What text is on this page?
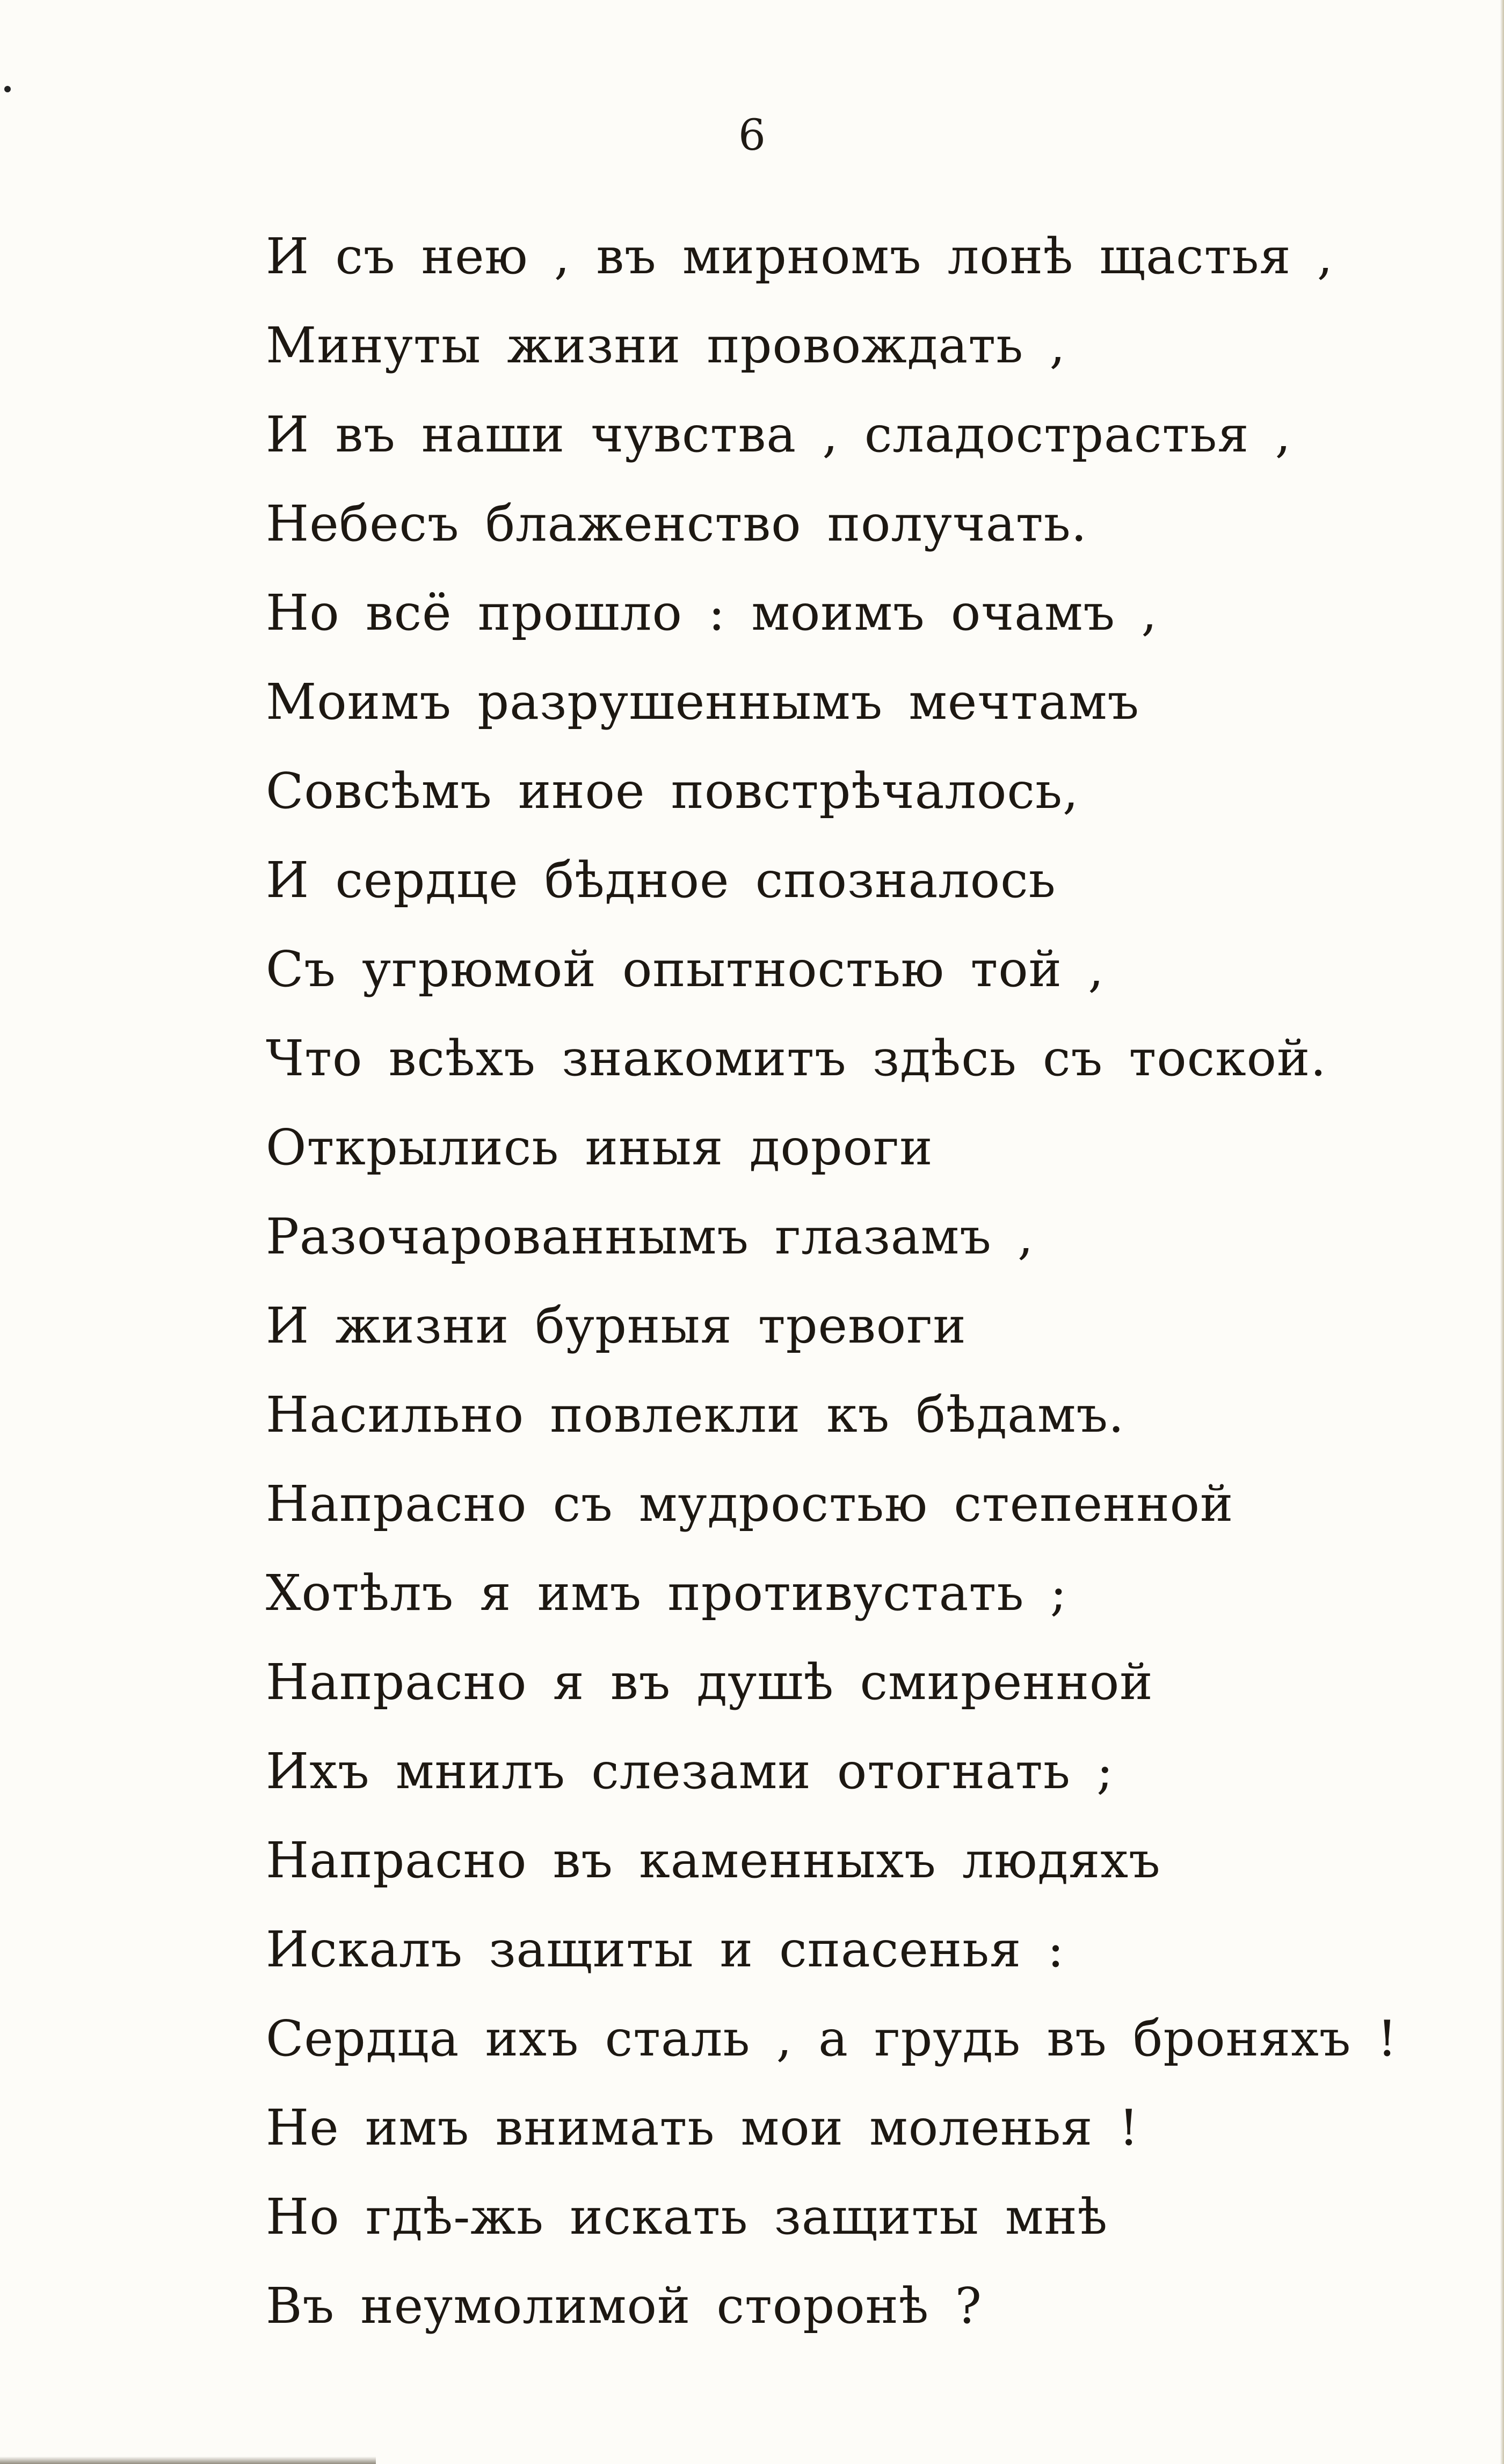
6

И съ нею , въ мирномъ лонѣ щастья ,
Минуты жизни провождать ,
И въ наши чувства , сладострастья ,
Небесъ блаженство получать.
Но всё прошло : моимъ очамъ ,
Моимъ разрушеннымъ мечтамъ
Совсѣмъ иное повстрѣчалось,
И сердце бѣдное спозналось
Съ угрюмой опытностью той ,
Что всѣхъ знакомитъ здѣсь съ тоской.
Открылись иныя дороги
Разочарованнымъ глазамъ ,
И жизни бурныя тревоги
Насильно повлекли къ бѣдамъ.
Напрасно съ мудростью степенной
Хотѣлъ я имъ противустать ;
Напрасно я въ душѣ смиренной
Ихъ мнилъ слезами отогнать ;
Напрасно въ каменныхъ людяхъ
Искалъ защиты и спасенья :
Сердца ихъ сталь , а грудь въ броняхъ !
Не имъ внимать мои моленья !
Но гдѣ-жь искать защиты мнѣ
Въ неумолимой сторонѣ ?
